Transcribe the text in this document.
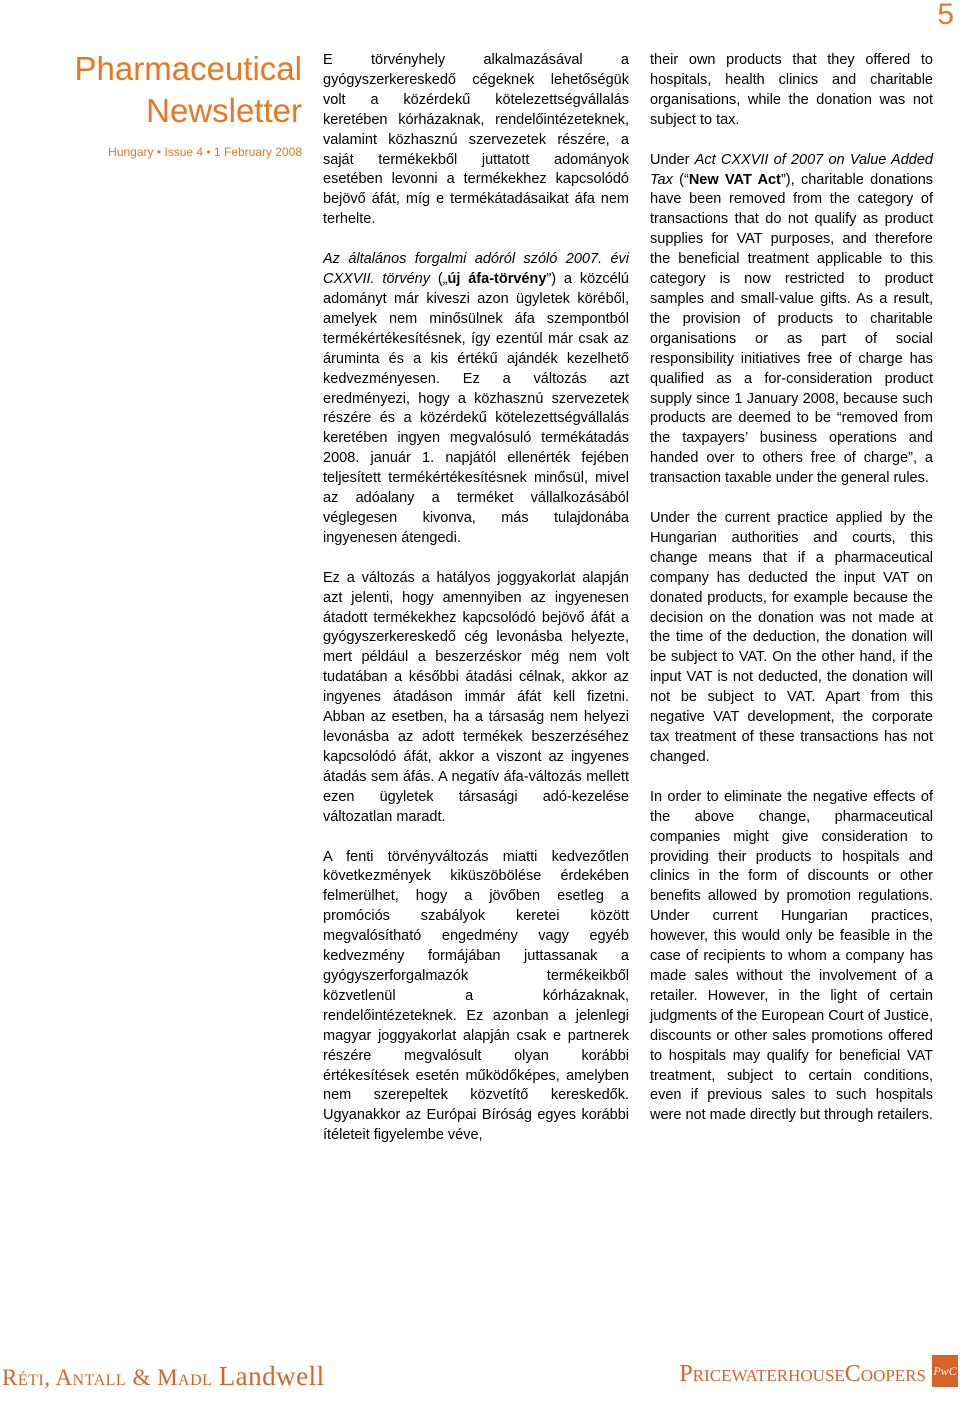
5
Pharmaceutical
Newsletter
Hungary • Issue 4 • 1 February 2008

E törvényhely alkalmazásával a gyógyszerkereskedő cégeknek lehetőségük volt a közérdekű kötelezettségvállalás keretében kórházaknak, rendelőintézeteknek, valamint közhasznú szervezetek részére, a saját termékekből juttatott adományok esetében levonni a termékekhez kapcsolódó bejövő áfát, míg e termékátadásaikat áfa nem terhelte.

Az általános forgalmi adóról szóló 2007. évi CXXVII. törvény („új áfa-törvény”) a közcélú adományt már kiveszi azon ügyletek köréből, amelyek nem minősülnek áfa szempontból termékértékesítésnek, így ezentúl már csak az áruminta és a kis értékű ajándék kezelhető kedvezményesen. Ez a változás azt eredményezi, hogy a közhasznú szervezetek részére és a közérdekű kötelezettségvállalás keretében ingyen megvalósuló termékátadás 2008. január 1. napjától ellenérték fejében teljesített termékértékesítésnek minősül, mivel az adóalany a terméket vállalkozásából véglegesen kivonva, más tulajdonába ingyenesen átengedi.

Ez a változás a hatályos joggyakorlat alapján azt jelenti, hogy amennyiben az ingyenesen átadott termékekhez kapcsolódó bejövő áfát a gyógyszerkereskedő cég levonásba helyezte, mert például a beszerzéskor még nem volt tudatában a későbbi átadási célnak, akkor az ingyenes átadáson immár áfát kell fizetni. Abban az esetben, ha a társaság nem helyezi levonásba az adott termékek beszerzéséhez kapcsolódó áfát, akkor a viszont az ingyenes átadás sem áfás. A negatív áfa-változás mellett ezen ügyletek társasági adó-kezelése változatlan maradt.

A fenti törvényváltozás miatti kedvezőtlen következmények kiküszöbölése érdekében felmerülhet, hogy a jövőben esetleg a promóciós szabályok keretei között megvalósítható engedmény vagy egyéb kedvezmény formájában juttassanak a gyógyszerforgalmazók termékeikből közvetlenül a kórházaknak, rendelőintézeteknek. Ez azonban a jelenlegi magyar joggyakorlat alapján csak e partnerek részére megvalósult olyan korábbi értékesítések esetén működőképes, amelyben nem szerepeltek közvetítő kereskedők. Ugyanakkor az Európai Bíróság egyes korábbi ítéleteit figyelembe véve,

their own products that they offered to hospitals, health clinics and charitable organisations, while the donation was not subject to tax.

Under Act CXXVII of 2007 on Value Added Tax (“New VAT Act”), charitable donations have been removed from the category of transactions that do not qualify as product supplies for VAT purposes, and therefore the beneficial treatment applicable to this category is now restricted to product samples and small-value gifts. As a result, the provision of products to charitable organisations or as part of social responsibility initiatives free of charge has qualified as a for-consideration product supply since 1 January 2008, because such products are deemed to be “removed from the taxpayers’ business operations and handed over to others free of charge”, a transaction taxable under the general rules.

Under the current practice applied by the Hungarian authorities and courts, this change means that if a pharmaceutical company has deducted the input VAT on donated products, for example because the decision on the donation was not made at the time of the deduction, the donation will be subject to VAT. On the other hand, if the input VAT is not deducted, the donation will not be subject to VAT. Apart from this negative VAT development, the corporate tax treatment of these transactions has not changed.

In order to eliminate the negative effects of the above change, pharmaceutical companies might give consideration to providing their products to hospitals and clinics in the form of discounts or other benefits allowed by promotion regulations. Under current Hungarian practices, however, this would only be feasible in the case of recipients to whom a company has made sales without the involvement of a retailer. However, in the light of certain judgments of the European Court of Justice, discounts or other sales promotions offered to hospitals may qualify for beneficial VAT treatment, subject to certain conditions, even if previous sales to such hospitals were not made directly but through retailers.

Réti, Antall & Madl Landwell	PricewaterhouseCoopers PwC
